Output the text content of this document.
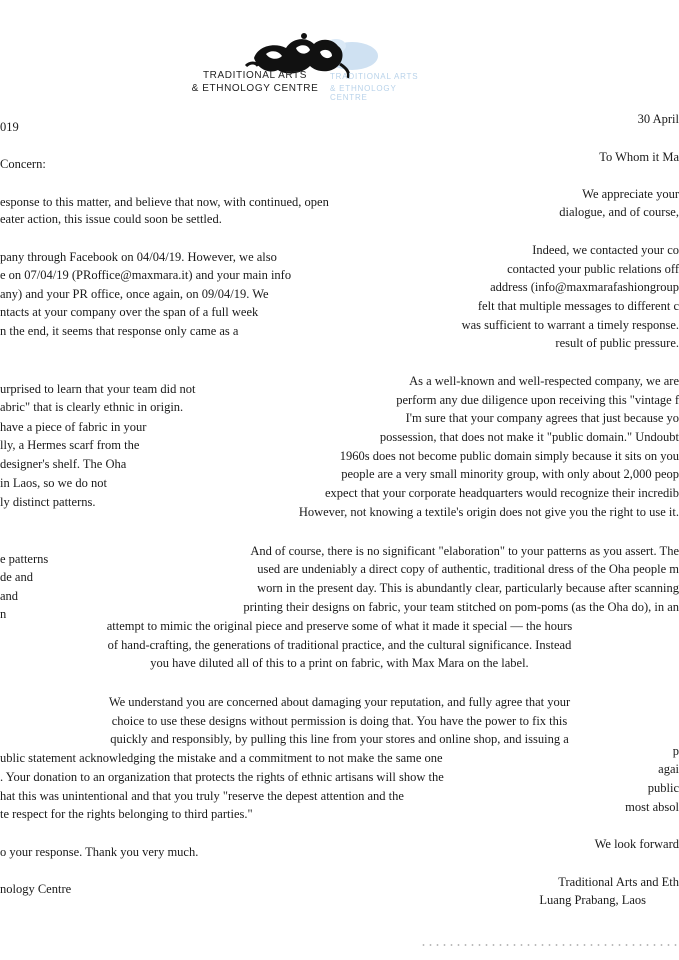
TRADITIONAL ARTS
& ETHNOLOGY CENTRE
TRADITIONAL ARTS
& ETHNOLOGY CENTRE
019
30 April
Concern:	To Whom it Ma
esponse to this matter, and believe that now, with continued, open
eater action, this issue could soon be settled.
We appreciate your
dialogue, and of course,
pany through Facebook on 04/04/19. However, we also
e on 07/04/19 (PRoffice@maxmara.it) and your main info
any) and your PR office, once again, on 09/04/19. We
ntacts at your company over the span of a full week
n the end, it seems that response only came as a
Indeed, we contacted your co
contacted your public relations off
address (info@maxmarafashiongroup
felt that multiple messages to different c
was sufficient to warrant a timely response.
result of public pressure.
urprised to learn that your team did not
abric" that is clearly ethnic in origin.
have a piece of fabric in your
lly, a Hermes scarf from the
designer's shelf. The Oha
in Laos, so we do not
ly distinct patterns.
As a well-known and well-respected company, we are
perform any due diligence upon receiving this "vintage f
I'm sure that your company agrees that just because yo
possession, that does not make it "public domain." Undoubt
1960s does not become public domain simply because it sits on you
people are a very small minority group, with only about 2,000 peop
expect that your corporate headquarters would recognize their incredib
However, not knowing a textile's origin does not give you the right to use it.
e patterns
de and
and
n
And of course, there is no significant "elaboration" to your patterns as you assert. The
used are undeniably a direct copy of authentic, traditional dress of the Oha people m
worn in the present day. This is abundantly clear, particularly because after scanning
printing their designs on fabric, your team stitched on pom-poms (as the Oha do), in an
attempt to mimic the original piece and preserve some of what it made it special — the hours
of hand-crafting, the generations of traditional practice, and the cultural significance. Instead
you have diluted all of this to a print on fabric, with Max Mara on the label.
We understand you are concerned about damaging your reputation, and fully agree that your
choice to use these designs without permission is doing that. You have the power to fix this
quickly and responsibly, by pulling this line from your stores and online shop, and issuing a
ublic statement acknowledging the mistake and a commitment to not make the same one
. Your donation to an organization that protects the rights of ethnic artisans will show the
hat this was unintentional and that you truly "reserve the depest attention and the
te respect for the rights belonging to third parties."
p
agai
public
most absol
o your response. Thank you very much.
We look forward
nology Centre	Traditional Arts and Eth
Luang Prabang, Laos
